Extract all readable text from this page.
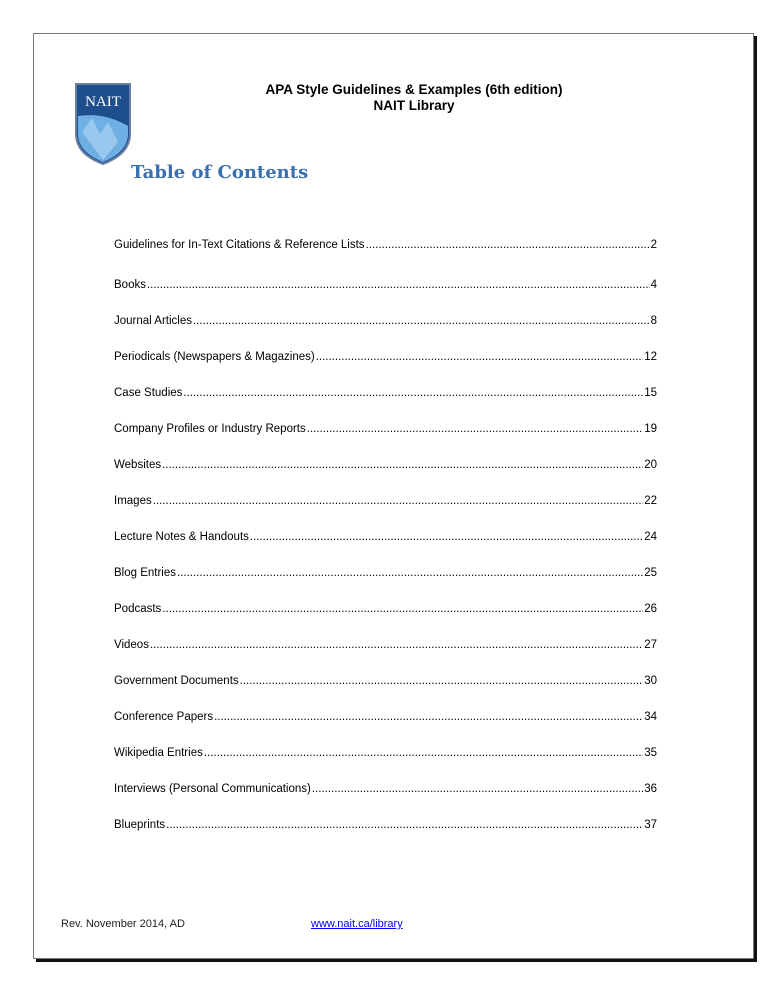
NAIT
APA Style Guidelines & Examples (6th edition)
NAIT Library
Table of Contents
Guidelines for In-Text Citations & Reference Lists .....	2
Books .....	4
Journal Articles .....	8
Periodicals (Newspapers & Magazines) .....	12
Case Studies .....	15
Company Profiles or Industry Reports .....	19
Websites .....	20
Images .....	22
Lecture Notes & Handouts .....	24
Blog Entries .....	25
Podcasts .....	26
Videos .....	27
Government Documents .....	30
Conference Papers .....	34
Wikipedia Entries .....	35
Interviews (Personal Communications) .....	36
Blueprints .....	37
Rev. November 2014, AD	www.nait.ca/library
